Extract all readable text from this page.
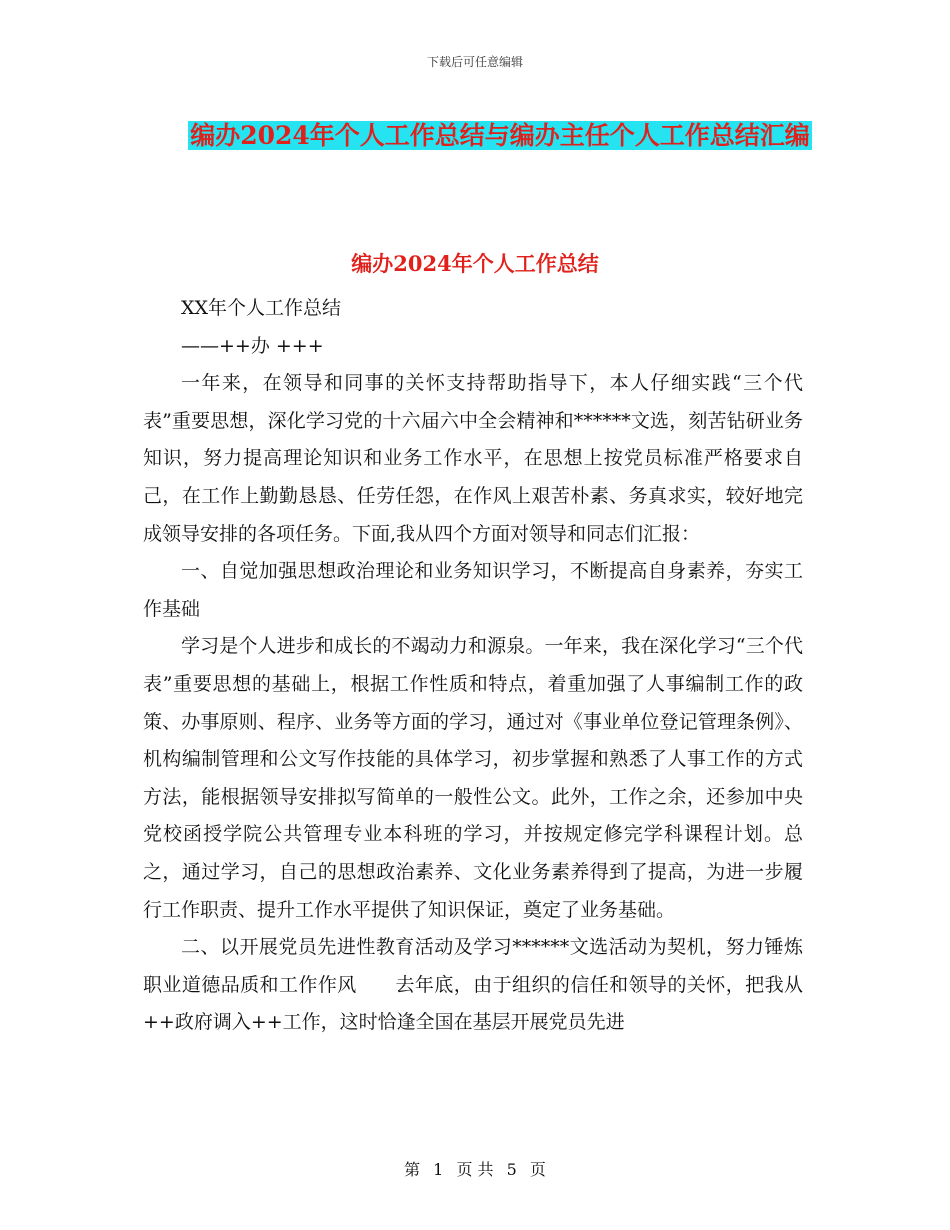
下载后可任意编辑
编办2024年个人工作总结与编办主任个人工作总结汇编
编办2024年个人工作总结

XX年个人工作总结

——++办 +++

一年来，在领导和同事的关怀支持帮助指导下，本人仔细实践“三个代表”重要思想，深化学习党的十六届六中全会精神和******文选，刻苦钻研业务知识，努力提高理论知识和业务工作水平，在思想上按党员标准严格要求自己，在工作上勤勤恳恳、任劳任怨，在作风上艰苦朴素、务真求实，较好地完成领导安排的各项任务。下面,我从四个方面对领导和同志们汇报：

一、自觉加强思想政治理论和业务知识学习，不断提高自身素养，夯实工作基础

学习是个人进步和成长的不竭动力和源泉。一年来，我在深化学习“三个代表”重要思想的基础上，根据工作性质和特点，着重加强了人事编制工作的政策、办事原则、程序、业务等方面的学习，通过对《事业单位登记管理条例》、机构编制管理和公文写作技能的具体学习，初步掌握和熟悉了人事工作的方式方法，能根据领导安排拟写简单的一般性公文。此外，工作之余，还参加中央党校函授学院公共管理专业本科班的学习，并按规定修完学科课程计划。总之，通过学习，自己的思想政治素养、文化业务素养得到了提高，为进一步履行工作职责、提升工作水平提供了知识保证，奠定了业务基础。

二、以开展党员先进性教育活动及学习******文选活动为契机，努力锤炼职业道德品质和工作作风　　去年底，由于组织的信任和领导的关怀，把我从++政府调入++工作，这时恰逢全国在基层开展党员先进

第 1 页 共 5 页
